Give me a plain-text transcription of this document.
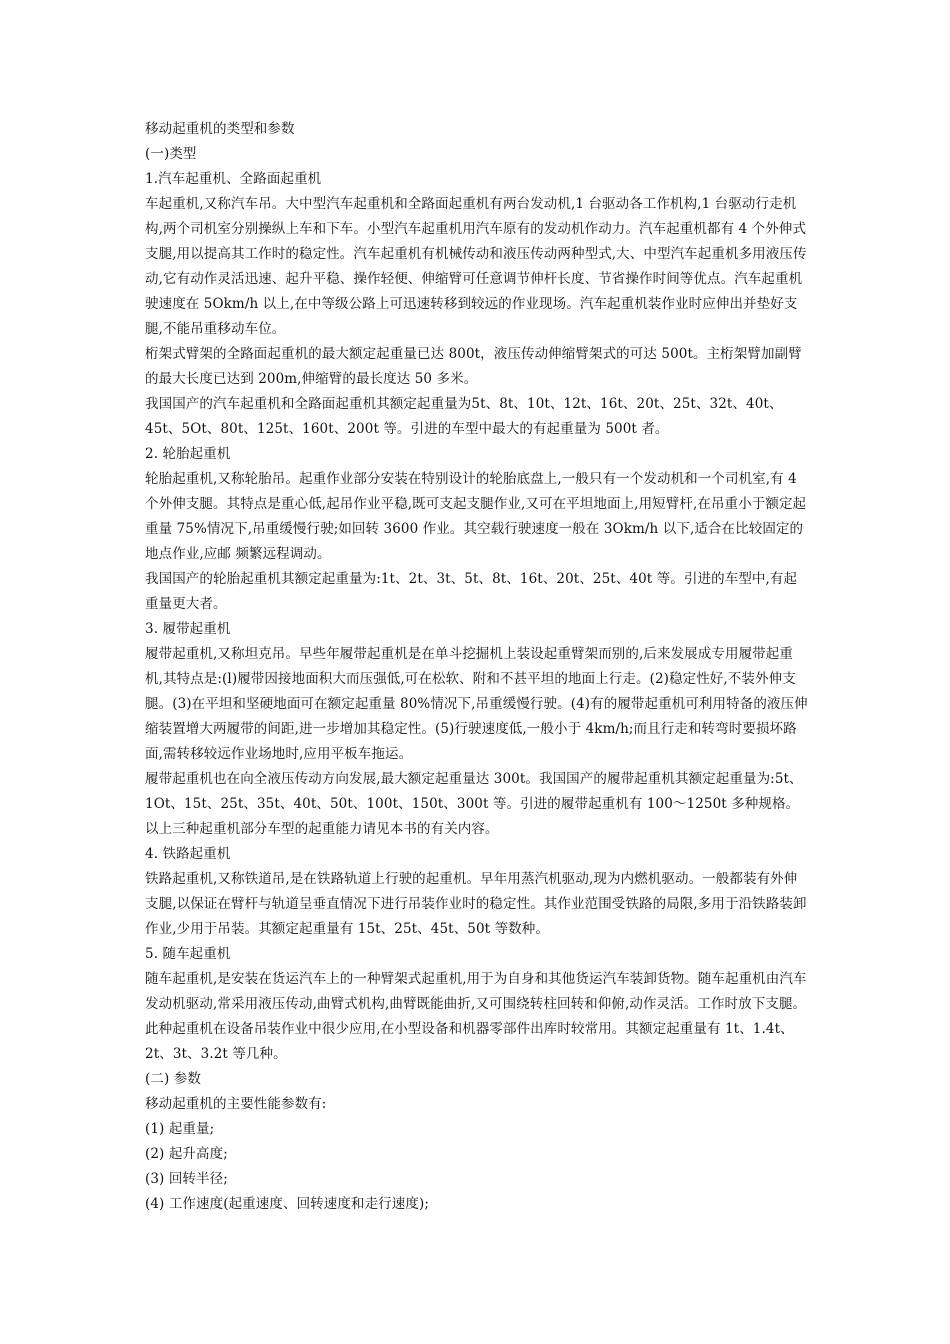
移动起重机的类型和参数

(一)类型

1.汽车起重机、全路面起重机

车起重机,又称汽车吊。大中型汽车起重机和全路面起重机有两台发动机,1 台驱动各工作机构,1 台驱动行走机构,两个司机室分别操纵上车和下车。小型汽车起重机用汽车原有的发动机作动力。汽车起重机都有 4 个外伸式支腿,用以提高其工作时的稳定性。汽车起重机有机械传动和液压传动两种型式,大、中型汽车起重机多用液压传动,它有动作灵活迅速、起升平稳、操作轻便、伸缩臂可任意调节伸杆长度、节省操作时间等优点。汽车起重机驶速度在 5Okm/h 以上,在中等级公路上可迅速转移到较远的作业现场。汽车起重机装作业时应伸出并垫好支腿,不能吊重移动车位。

桁架式臂架的全路面起重机的最大额定起重量已达 800t，液压传动伸缩臂架式的可达 500t。主桁架臂加副臂的最大长度已达到 200m,伸缩臂的最长度达 50 多米。

我国国产的汽车起重机和全路面起重机其额定起重量为5t、8t、10t、12t、16t、20t、25t、32t、40t、45t、5Ot、80t、125t、160t、200t 等。引进的车型中最大的有起重量为 500t 者。

2. 轮胎起重机

轮胎起重机,又称轮胎吊。起重作业部分安装在特别设计的轮胎底盘上,一般只有一个发动机和一个司机室,有 4 个外伸支腿。其特点是重心低,起吊作业平稳,既可支起支腿作业,又可在平坦地面上,用短臂杆,在吊重小于额定起重量 75%情况下,吊重缓慢行驶;如回转 3600 作业。其空载行驶速度一般在 3Okm/h 以下,适合在比较固定的地点作业,应邮 频繁远程调动。

我国国产的轮胎起重机其额定起重量为:1t、2t、3t、5t、8t、16t、20t、25t、40t 等。引进的车型中,有起重量更大者。

3. 履带起重机

履带起重机,又称坦克吊。早些年履带起重机是在单斗挖掘机上装设起重臂架而别的,后来发展成专用履带起重机,其特点是:(l)履带因接地面积大而压强低,可在松软、附和不甚平坦的地面上行走。(2)稳定性好,不装外伸支腿。(3)在平坦和坚硬地面可在额定起重量 80%情况下,吊重缓慢行驶。(4)有的履带起重机可利用特备的液压伸缩装置增大两履带的间距,进一步增加其稳定性。(5)行驶速度低,一般小于 4km/h;而且行走和转弯时要损坏路面,需转移较远作业场地时,应用平板车拖运。

履带起重机也在向全液压传动方向发展,最大额定起重量达 300t。我国国产的履带起重机其额定起重量为:5t、1Ot、15t、25t、35t、40t、50t、100t、150t、300t 等。引进的履带起重机有 100～1250t 多种规格。

以上三种起重机部分车型的起重能力请见本书的有关内容。

4. 铁路起重机

铁路起重机,又称铁道吊,是在铁路轨道上行驶的起重机。早年用蒸汽机驱动,现为内燃机驱动。一般都装有外伸支腿,以保证在臂杆与轨道呈垂直情况下进行吊装作业时的稳定性。其作业范围受铁路的局限,多用于沿铁路装卸作业,少用于吊装。其额定起重量有 15t、25t、45t、50t 等数种。

5. 随车起重机

随车起重机,是安装在货运汽车上的一种臂架式起重机,用于为自身和其他货运汽车装卸货物。随车起重机由汽车发动机驱动,常采用液压传动,曲臂式机构,曲臂既能曲折,又可围绕转柱回转和仰俯,动作灵活。工作时放下支腿。此种起重机在设备吊装作业中很少应用,在小型设备和机器零部件出库时较常用。其额定起重量有 1t、1.4t、2t、3t、3.2t 等几种。

(二) 参数

移动起重机的主要性能参数有:

(1) 起重量;

(2) 起升高度;

(3) 回转半径;

(4) 工作速度(起重速度、回转速度和走行速度);
